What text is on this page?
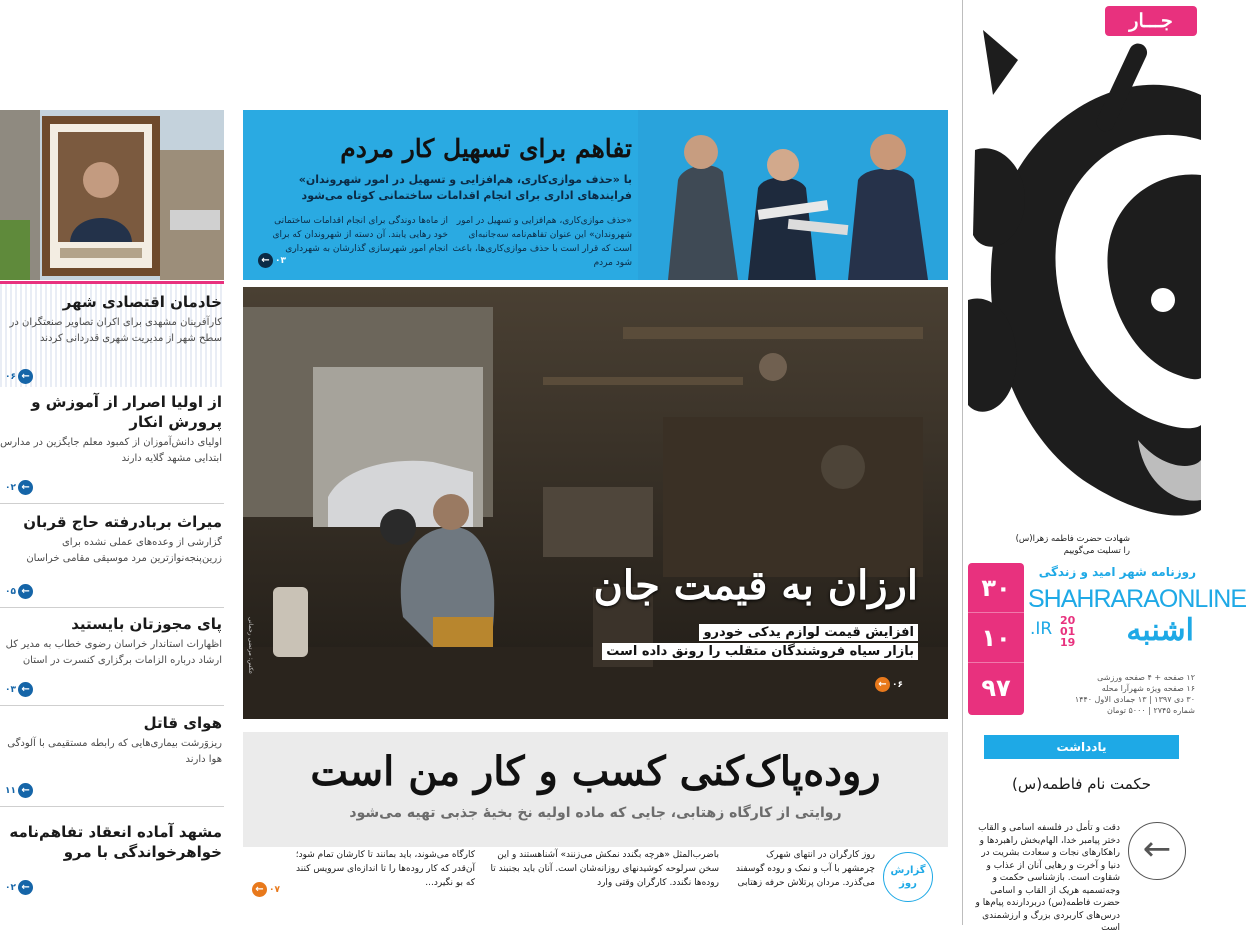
جـــار
شهادت حضرت فاطمه زهرا(س)
را تسلیت می‌گوییم
۳۰
۱۰
۹۷
روزنامه شهر امید و زندگی
SHAHRARAONLINE
.IR 20
01
19 اشنبه
۱۲ صفحه + ۴ صفحه ورزشی
۱۶ صفحه ویژه شهرآرا محله
۳۰ دی ۱۳۹۷ | ۱۳ جمادی الاول ۱۴۴۰
شماره ۲۷۴۵ | ۵۰۰۰ تومان
یادداشت
حکمت نام فاطمه(س)
←
دقت و تأمل در فلسفه اسامی و القاب دختر پیامبر خدا، الهام‌بخش راهبردها و راهکارهای نجات و سعادت بشریت در دنیا و آخرت و رهایی آنان از عذاب و شقاوت است. بازشناسی حکمت و وجه‌تسمیه هریک از القاب و اسامی حضرت فاطمه(س) دربردارنده پیام‌ها و درس‌های کاربردی بزرگ و ارزشمندی است
تفاهم برای تسهیل کار مردم
با «حذف موازی‌کاری، هم‌افزایی و تسهیل در امور شهروندان»
فرایندهای اداری برای انجام اقدامات ساختمانی کوتاه می‌شود
«حذف موازی‌کاری، هم‌افزایی و تسهیل در امور شهروندان» این عنوان تفاهم‌نامه سه‌جانبه‌ای است که قرار است با حذف موازی‌کاری‌ها، باعث شود مردم
از ماه‌ها دوندگی برای انجام اقدامات ساختمانی خود رهایی یابند. آن دسته از شهروندان که برای انجام امور شهرسازی گذارشان به شهرداری
← ۰۳
عکس: مرتضی رحمانی
ارزان به قیمت جان
افزایش قیمت لوازم یدکی خودرو
بازار سیاه فروشندگان متقلب را رونق داده است
← ۰۶
روده‌پاک‌کنی کسب و کار من است
روایتی از کارگاه زهتابی، جایی که ماده اولیه نخ بخیهٔ جذبی تهیه می‌شود
گزارش روز
روز کارگران در انتهای شهرک چرمشهر با آب و نمک و روده گوسفند می‌گذرد. مردان پرتلاش حرفه زهتابی
باضرب‌المثل «هرچه بگندد نمکش می‌زنند» آشناهستند و این سخن سرلوحه کوشیدنهای روزانه‌شان است. آنان باید بجنبند تا روده‌ها نگندد. کارگران وقتی وارد
کارگاه می‌شوند، باید بمانند تا کارشان تمام شود؛ آن‌قدر که کار روده‌ها را تا اندازه‌ای سرویس کنند که بو نگیرد...
← ۰۷
خادمان اقتصادی شهر

کارآفرینان مشهدی برای اکران تصاویر صنعتگران در سطح شهر از مدیریت شهری قدردانی کردند

←
۰۶
از اولیا اصرار از آموزش و پرورش انکار

اولیای دانش‌آموزان از کمبود معلم جایگزین در مدارس ابتدایی مشهد گلایه دارند

←
۰۲
میراث بربادرفته حاج قربان

گزارشی از وعده‌های عملی نشده برای زرین‌پنجه‌نوازترین مرد موسیقی مقامی خراسان

←
۰۵
پای مجوزتان بایستید

اظهارات استاندار خراسان رضوی خطاب به مدیر کل ارشاد درباره الزامات برگزاری کنسرت در استان

←
۰۳
هوای قاتل

ریزوَرشت بیماری‌هایی که رابطه مستقیمی با آلودگی هوا دارند

←
۱۱
مشهد آماده انعقاد تفاهم‌نامه خواهرخواندگی با مرو
←
۰۲
